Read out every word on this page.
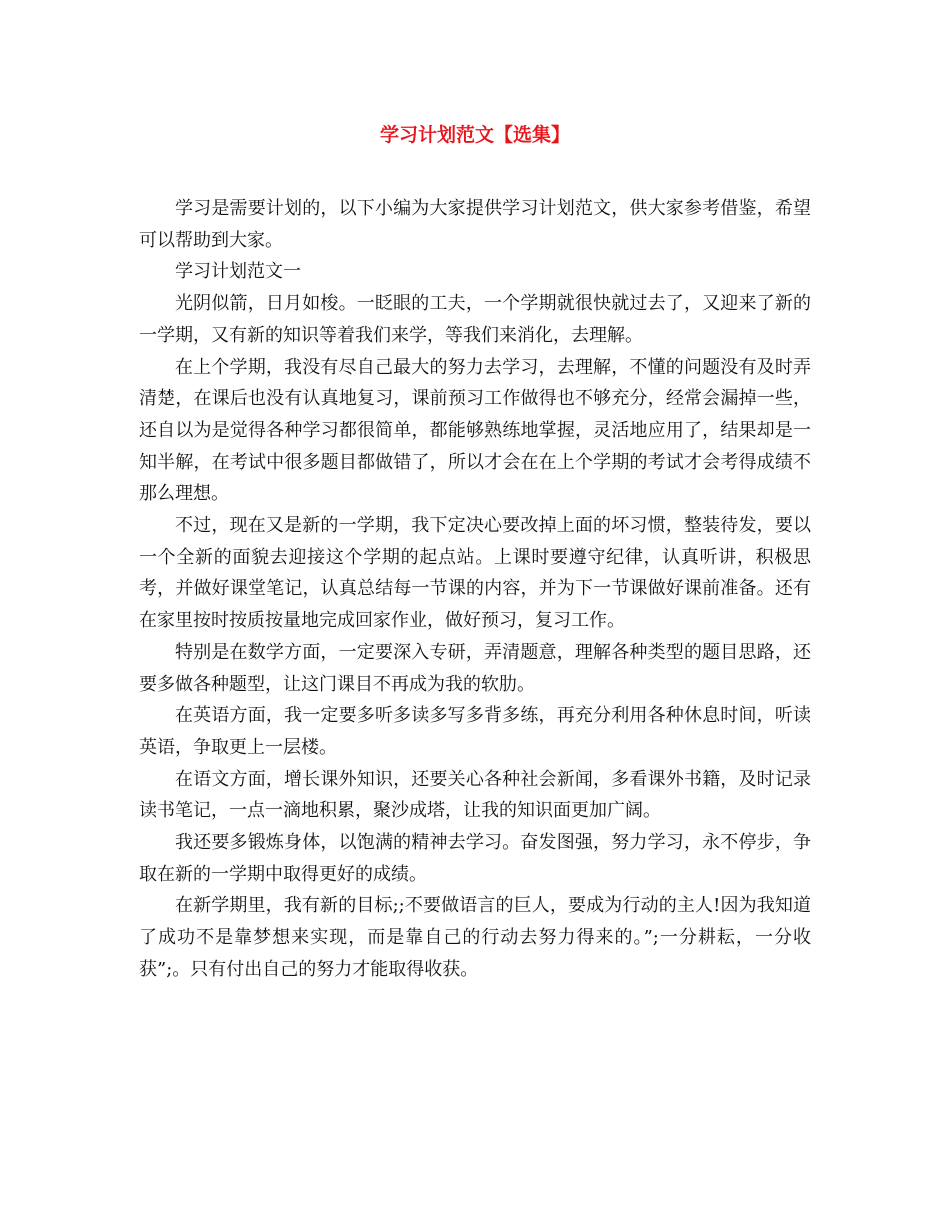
学习计划范文【选集】

学习是需要计划的，以下小编为大家提供学习计划范文，供大家参考借鉴，希望可以帮助到大家。

学习计划范文一

光阴似箭，日月如梭。一眨眼的工夫，一个学期就很快就过去了，又迎来了新的一学期，又有新的知识等着我们来学，等我们来消化，去理解。

在上个学期，我没有尽自己最大的努力去学习，去理解，不懂的问题没有及时弄清楚，在课后也没有认真地复习，课前预习工作做得也不够充分，经常会漏掉一些，还自以为是觉得各种学习都很简单，都能够熟练地掌握，灵活地应用了，结果却是一知半解，在考试中很多题目都做错了，所以才会在在上个学期的考试才会考得成绩不那么理想。

不过，现在又是新的一学期，我下定决心要改掉上面的坏习惯，整装待发，要以一个全新的面貌去迎接这个学期的起点站。上课时要遵守纪律，认真听讲，积极思考，并做好课堂笔记，认真总结每一节课的内容，并为下一节课做好课前准备。还有在家里按时按质按量地完成回家作业，做好预习，复习工作。

特别是在数学方面，一定要深入专研，弄清题意，理解各种类型的题目思路，还要多做各种题型，让这门课目不再成为我的软肋。

在英语方面，我一定要多听多读多写多背多练，再充分利用各种休息时间，听读英语，争取更上一层楼。

在语文方面，增长课外知识，还要关心各种社会新闻，多看课外书籍，及时记录读书笔记，一点一滴地积累，聚沙成塔，让我的知识面更加广阔。

我还要多锻炼身体，以饱满的精神去学习。奋发图强，努力学习，永不停步，争取在新的一学期中取得更好的成绩。

在新学期里，我有新的目标;;不要做语言的巨人，要成为行动的主人!因为我知道了成功不是靠梦想来实现，而是靠自己的行动去努力得来的。”;一分耕耘，一分收获”;。只有付出自己的努力才能取得收获。
